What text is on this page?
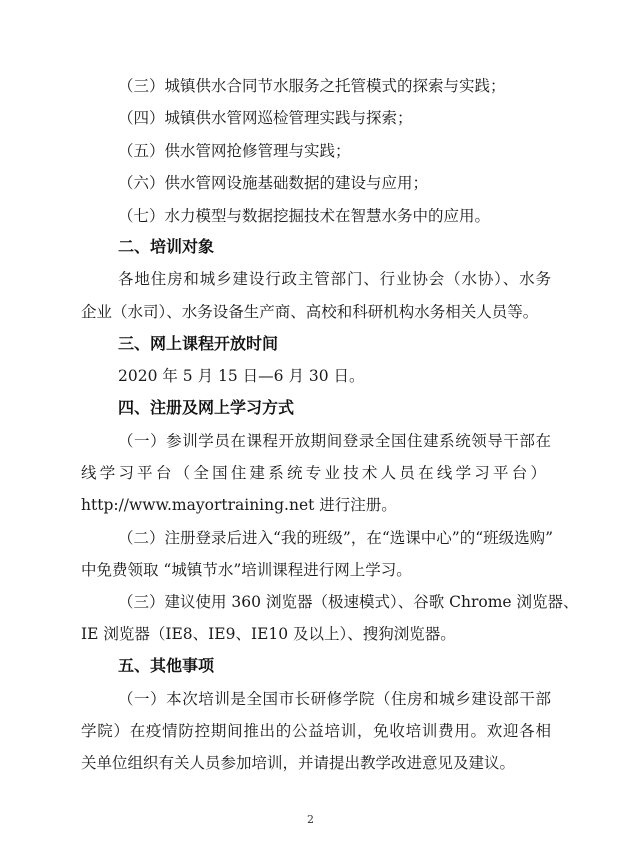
（三）城镇供水合同节水服务之托管模式的探索与实践；
（四）城镇供水管网巡检管理实践与探索；
（五）供水管网抢修管理与实践；
（六）供水管网设施基础数据的建设与应用；
（七）水力模型与数据挖掘技术在智慧水务中的应用。
二、培训对象
各地住房和城乡建设行政主管部门、行业协会（水协）、水务
企业（水司）、水务设备生产商、高校和科研机构水务相关人员等。
三、网上课程开放时间
2020 年 5 月 15 日—6 月 30 日。
四、注册及网上学习方式
（一）参训学员在课程开放期间登录全国住建系统领导干部在
线学习平台（全国住建系统专业技术人员在线学习平台）
http://www.mayortraining.net 进行注册。
（二）注册登录后进入“我的班级”，在“选课中心”的“班级选购”
中免费领取 “城镇节水”培训课程进行网上学习。
（三）建议使用 360 浏览器（极速模式）、谷歌 Chrome 浏览器、
IE 浏览器（IE8、IE9、IE10 及以上）、搜狗浏览器。
五、其他事项
（一）本次培训是全国市长研修学院（住房和城乡建设部干部
学院）在疫情防控期间推出的公益培训，免收培训费用。欢迎各相
关单位组织有关人员参加培训，并请提出教学改进意见及建议。
2
